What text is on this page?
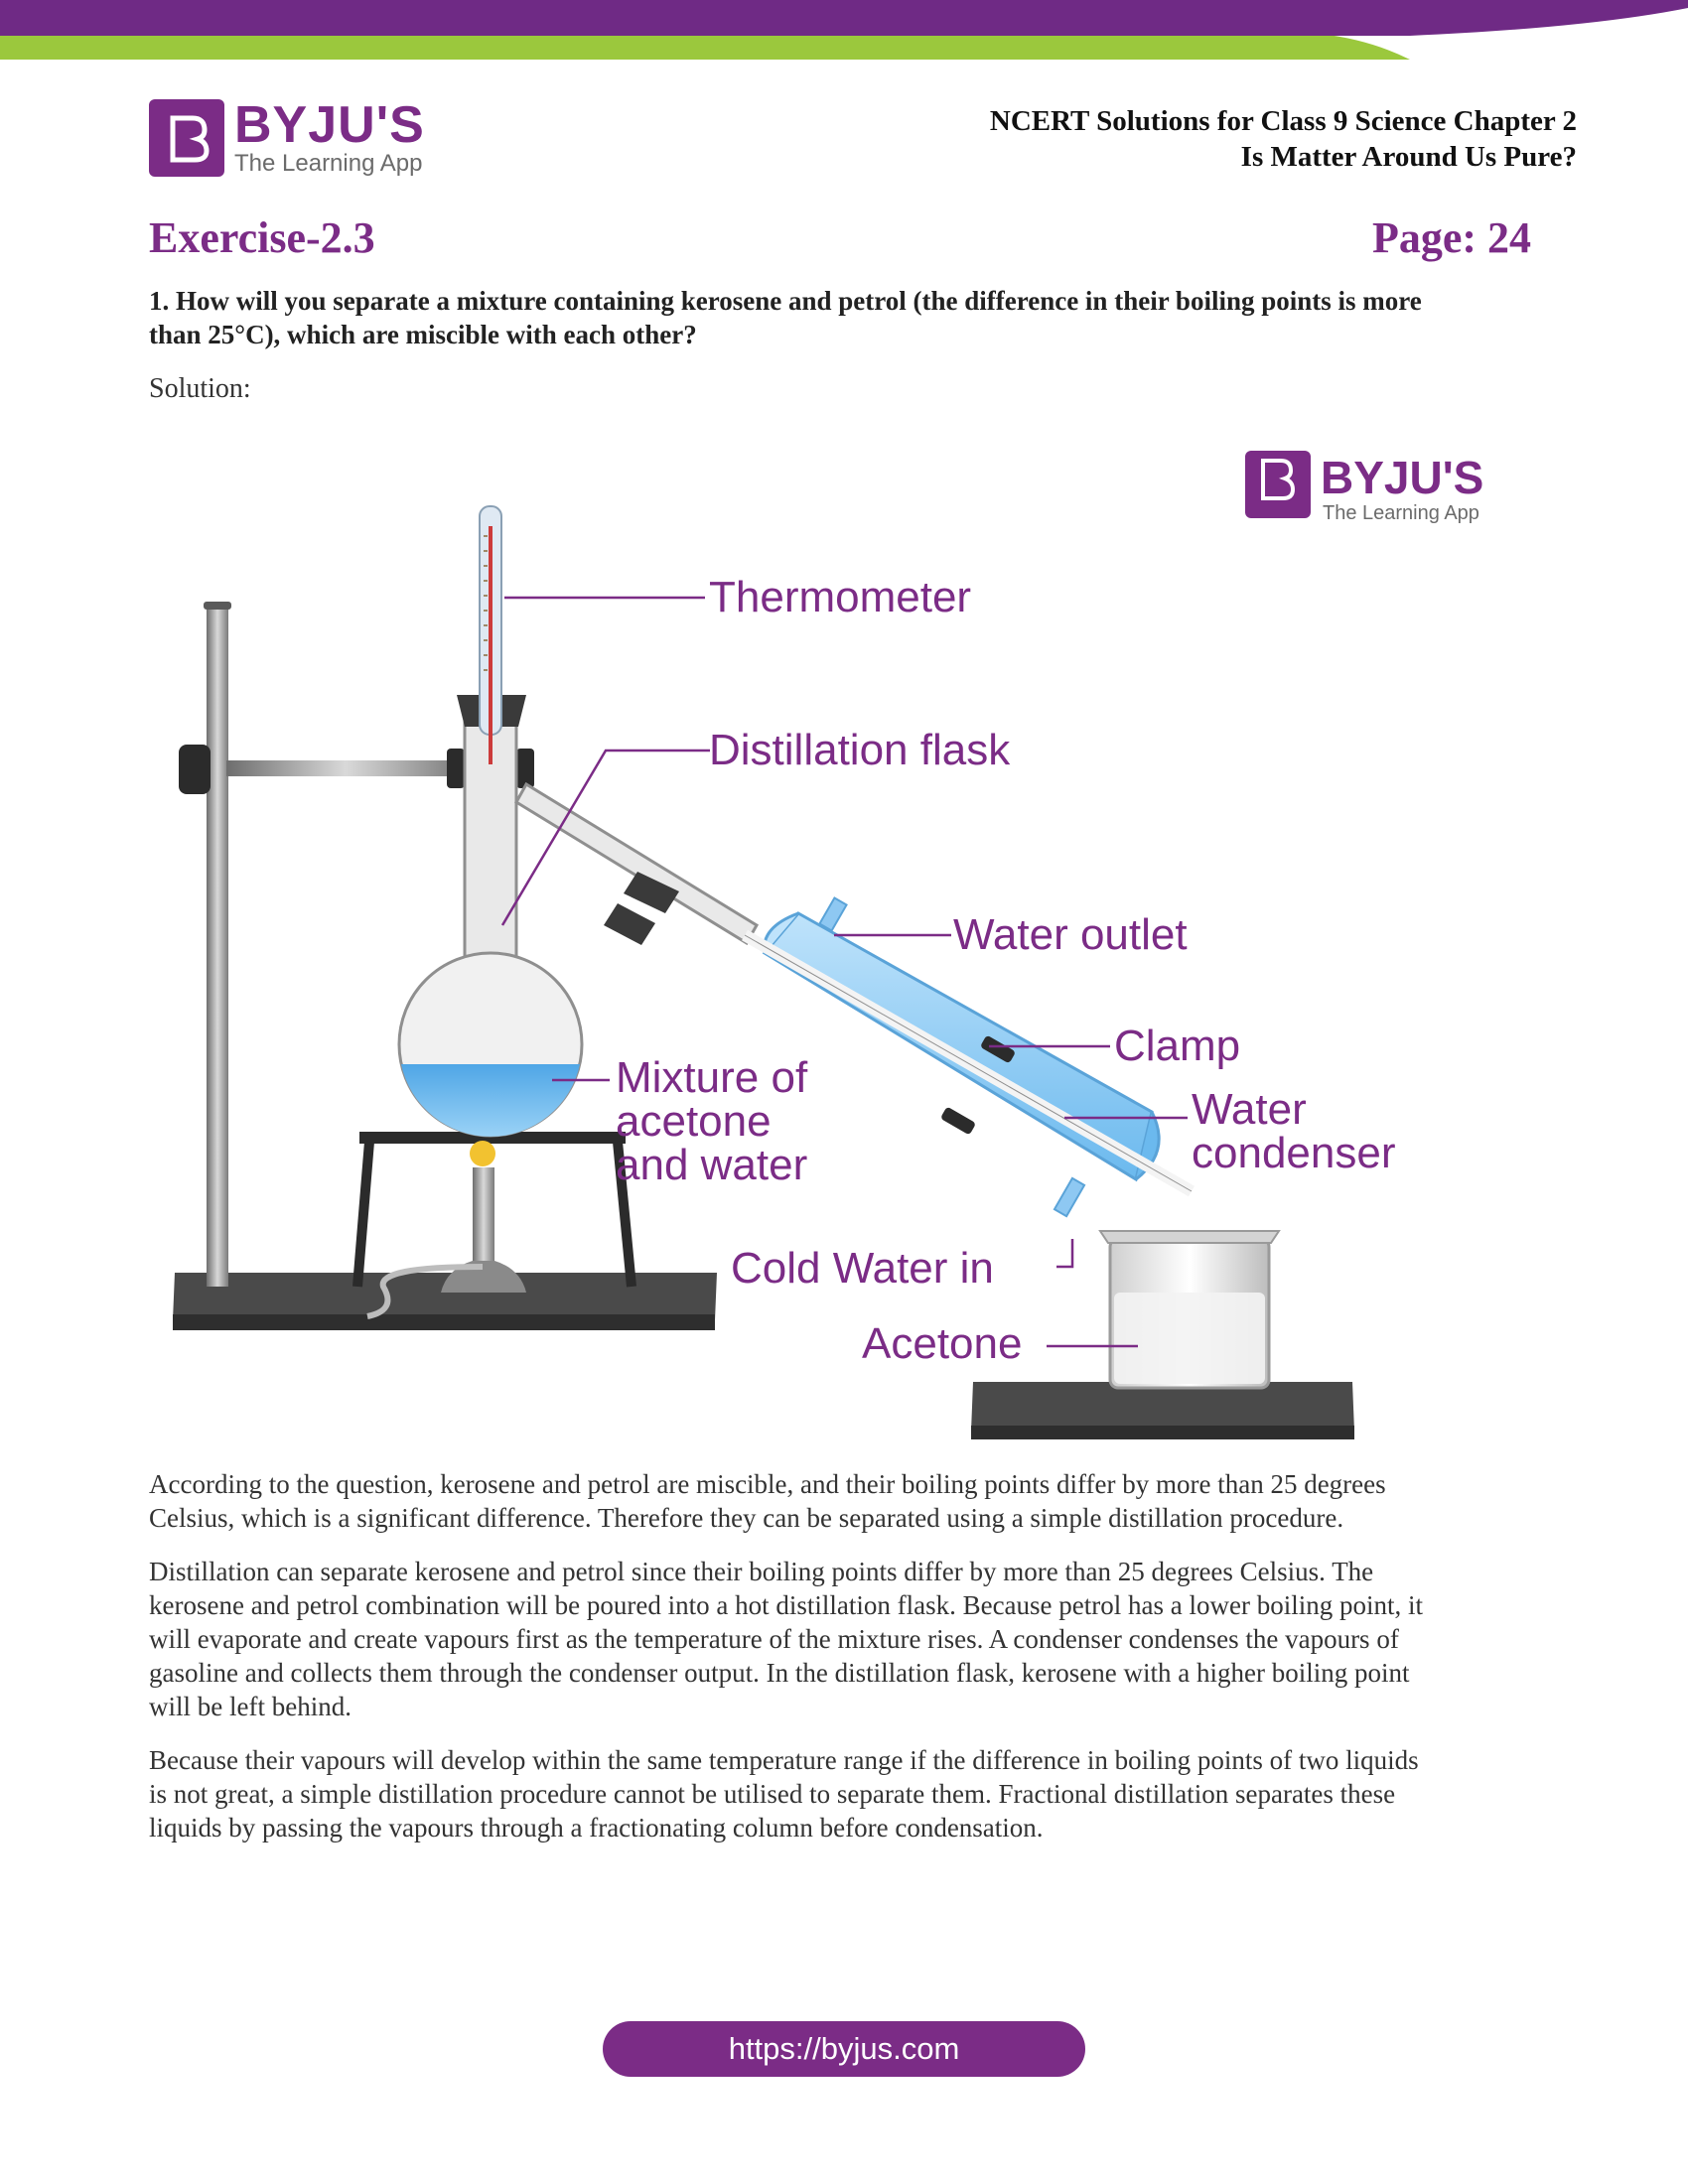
BYJU'S
The Learning App
NCERT Solutions for Class 9 Science Chapter 2
Is Matter Around Us Pure?
Exercise-2.3	Page: 24
1. How will you separate a mixture containing kerosene and petrol (the difference in their boiling points is more
than 25°C), which are miscible with each other?
Solution:
BYJU'S
The Learning App
Thermometer
Distillation flask
Water outlet
Clamp
Water
condenser
Mixture of
acetone
and water
Cold Water in
Acetone
According to the question, kerosene and petrol are miscible, and their boiling points differ by more than 25 degrees
Celsius, which is a significant difference. Therefore they can be separated using a simple distillation procedure.
Distillation can separate kerosene and petrol since their boiling points differ by more than 25 degrees Celsius. The
kerosene and petrol combination will be poured into a hot distillation flask. Because petrol has a lower boiling point, it
will evaporate and create vapours first as the temperature of the mixture rises. A condenser condenses the vapours of
gasoline and collects them through the condenser output. In the distillation flask, kerosene with a higher boiling point
will be left behind.
Because their vapours will develop within the same temperature range if the difference in boiling points of two liquids
is not great, a simple distillation procedure cannot be utilised to separate them. Fractional distillation separates these
liquids by passing the vapours through a fractionating column before condensation.
https://byjus.com
